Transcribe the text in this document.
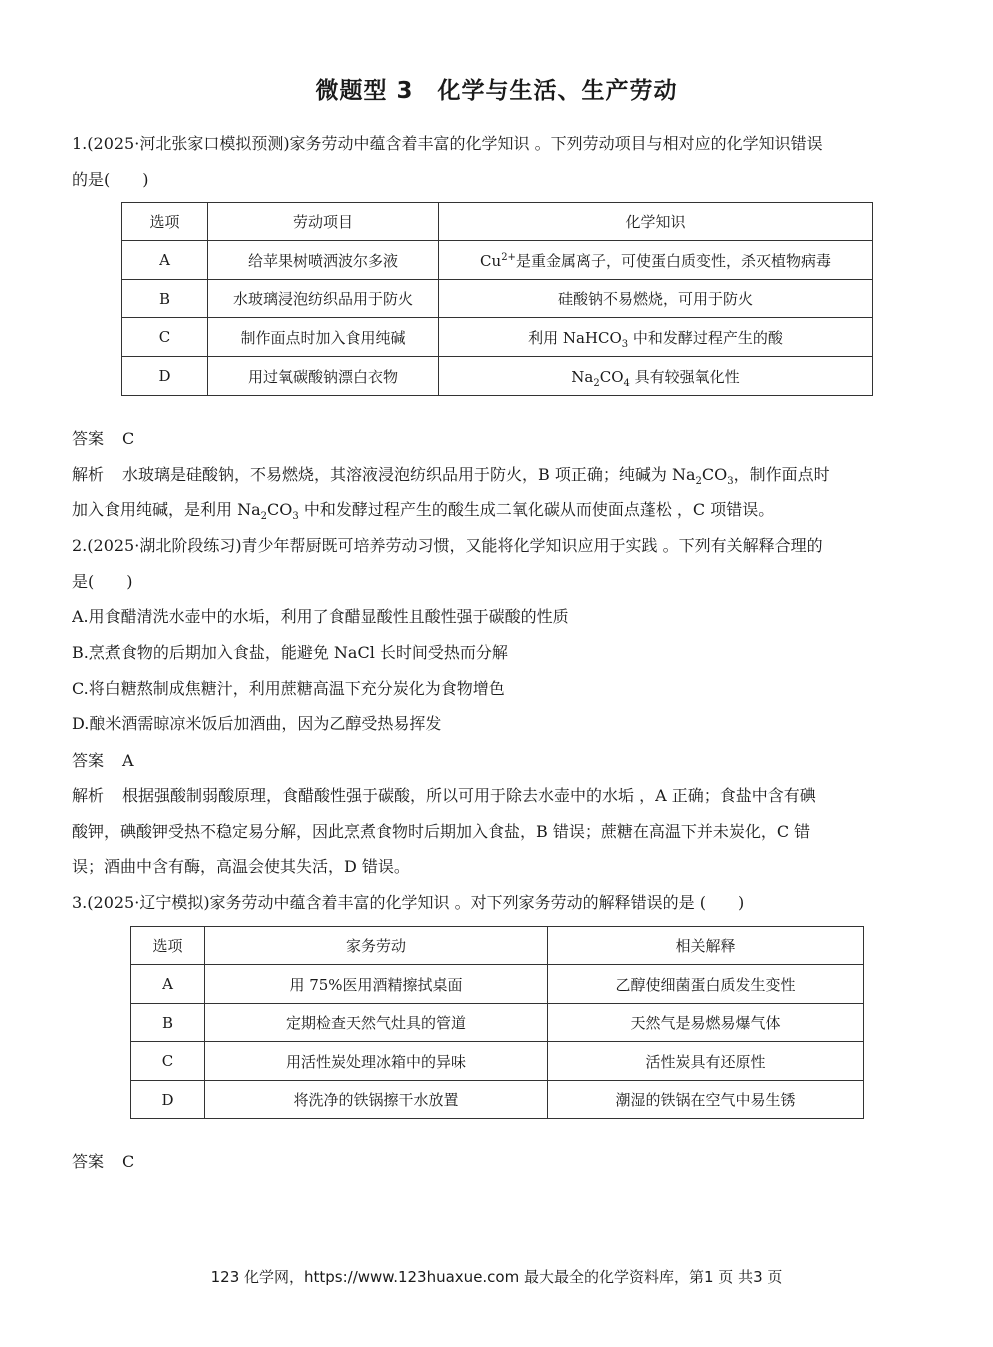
微题型 3　化学与生活、生产劳动
1.(2025·河北张家口模拟预测)家务劳动中蕴含着丰富的化学知识 。下列劳动项目与相对应的化学知识错误
的是(　　)
选项	劳动项目	化学知识
A	给苹果树喷洒波尔多液	$Cu^{2+}$是重金属离子，可使蛋白质变性，杀灭植物病毒
B	水玻璃浸泡纺织品用于防火	硅酸钠不易燃烧，可用于防火
C	制作面点时加入食用纯碱	利用 NaHCO$_3$ 中和发酵过程产生的酸
D	用过氧碳酸钠漂白衣物	$Na_2CO_4$ 具有较强氧化性
答案 C
解析 水玻璃是硅酸钠，不易燃烧，其溶液浸泡纺织品用于防火，B 项正确；纯碱为 $Na_2CO_3$，制作面点时
加入食用纯碱，是利用 $Na_2CO_3$ 中和发酵过程产生的酸生成二氧化碳从而使面点蓬松 ，C 项错误。
2.(2025·湖北阶段练习)青少年帮厨既可培养劳动习惯，又能将化学知识应用于实践 。下列有关解释合理的
是(　　)
A.用食醋清洗水壶中的水垢，利用了食醋显酸性且酸性强于碳酸的性质
B.烹煮食物的后期加入食盐，能避免 NaCl 长时间受热而分解
C.将白糖熬制成焦糖汁，利用蔗糖高温下充分炭化为食物增色
D.酿米酒需晾凉米饭后加酒曲，因为乙醇受热易挥发
答案 A
解析 根据强酸制弱酸原理，食醋酸性强于碳酸，所以可用于除去水壶中的水垢 ，A 正确；食盐中含有碘
酸钾，碘酸钾受热不稳定易分解，因此烹煮食物时后期加入食盐，B 错误；蔗糖在高温下并未炭化，C 错
误；酒曲中含有酶，高温会使其失活，D 错误。
3.(2025·辽宁模拟)家务劳动中蕴含着丰富的化学知识 。对下列家务劳动的解释错误的是 (　　)
选项	家务劳动	相关解释
A	用 75%医用酒精擦拭桌面	乙醇使细菌蛋白质发生变性
B	定期检查天然气灶具的管道	天然气是易燃易爆气体
C	用活性炭处理冰箱中的异味	活性炭具有还原性
D	将洗净的铁锅擦干水放置	潮湿的铁锅在空气中易生锈
答案 C
123 化学网，https://www.123huaxue.com 最大最全的化学资料库，第1 页 共3 页
